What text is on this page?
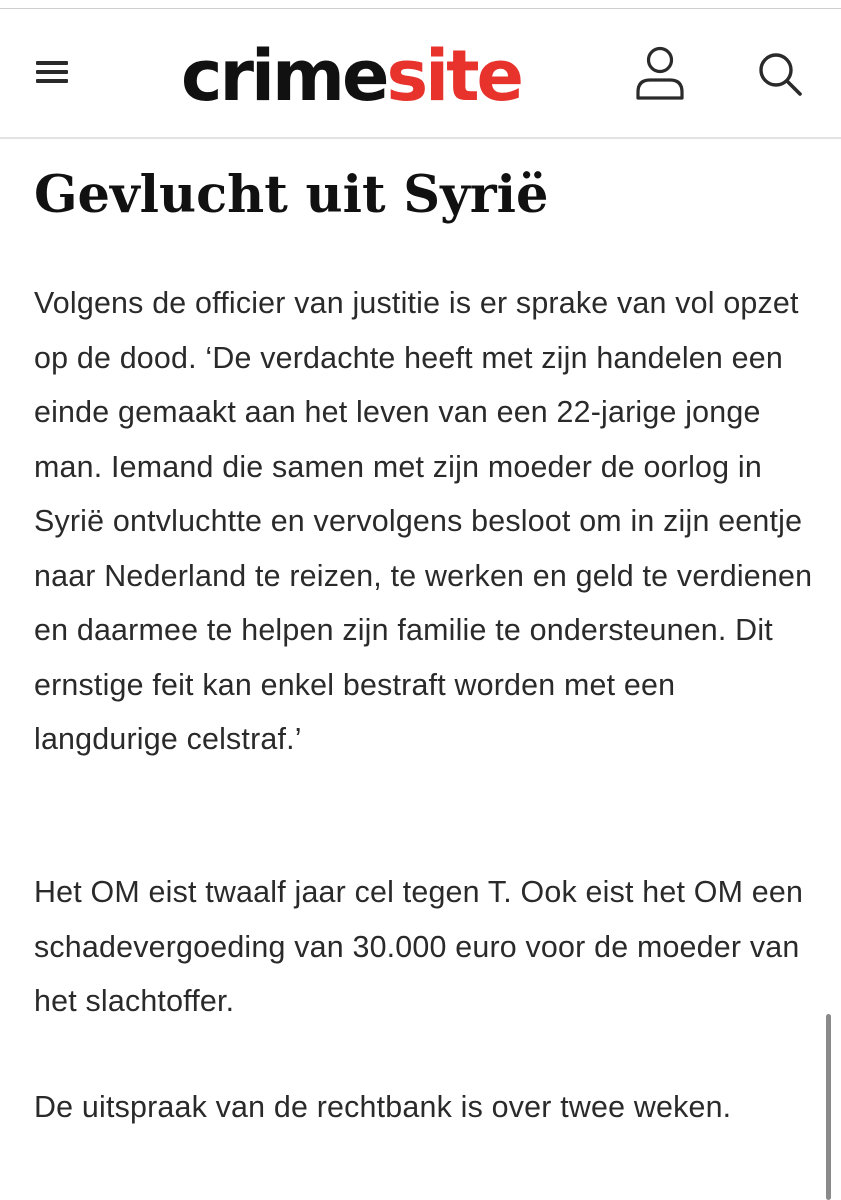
crimesite
Gevlucht uit Syrië

Volgens de officier van justitie is er sprake van vol opzet op de dood. ‘De verdachte heeft met zijn handelen een einde gemaakt aan het leven van een 22-jarige jonge man. Iemand die samen met zijn moeder de oorlog in Syrië ontvluchtte en vervolgens besloot om in zijn eentje naar Nederland te reizen, te werken en geld te verdienen en daarmee te helpen zijn familie te ondersteunen. Dit ernstige feit kan enkel bestraft worden met een langdurige celstraf.’

Het OM eist twaalf jaar cel tegen T. Ook eist het OM een schadevergoeding van 30.000 euro voor de moeder van het slachtoffer.

De uitspraak van de rechtbank is over twee weken.
